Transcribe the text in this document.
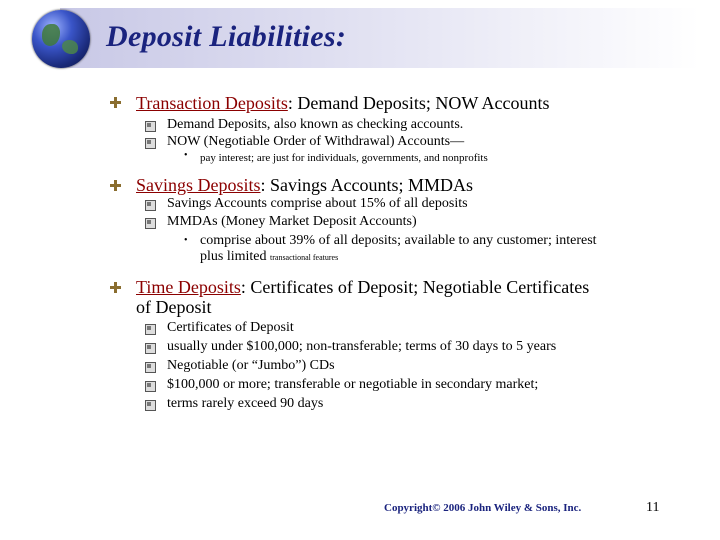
Deposit Liabilities:
Transaction Deposits: Demand Deposits; NOW Accounts
Demand Deposits, also known as checking accounts.
NOW (Negotiable Order of Withdrawal) Accounts—
• pay interest; are just for individuals, governments, and nonprofits
Savings Deposits: Savings Accounts; MMDAs
Savings Accounts comprise about 15% of all deposits
MMDAs (Money Market Deposit Accounts)
• comprise about 39% of all deposits; available to any customer; interest
plus limited transactional features
Time Deposits: Certificates of Deposit; Negotiable Certificates
of Deposit
Certificates of Deposit
usually under $100,000; non-transferable; terms of 30 days to 5 years
Negotiable (or “Jumbo”) CDs
$100,000 or more; transferable or negotiable in secondary market;
terms rarely exceed 90 days
Copyright© 2006 John Wiley & Sons, Inc.	11
